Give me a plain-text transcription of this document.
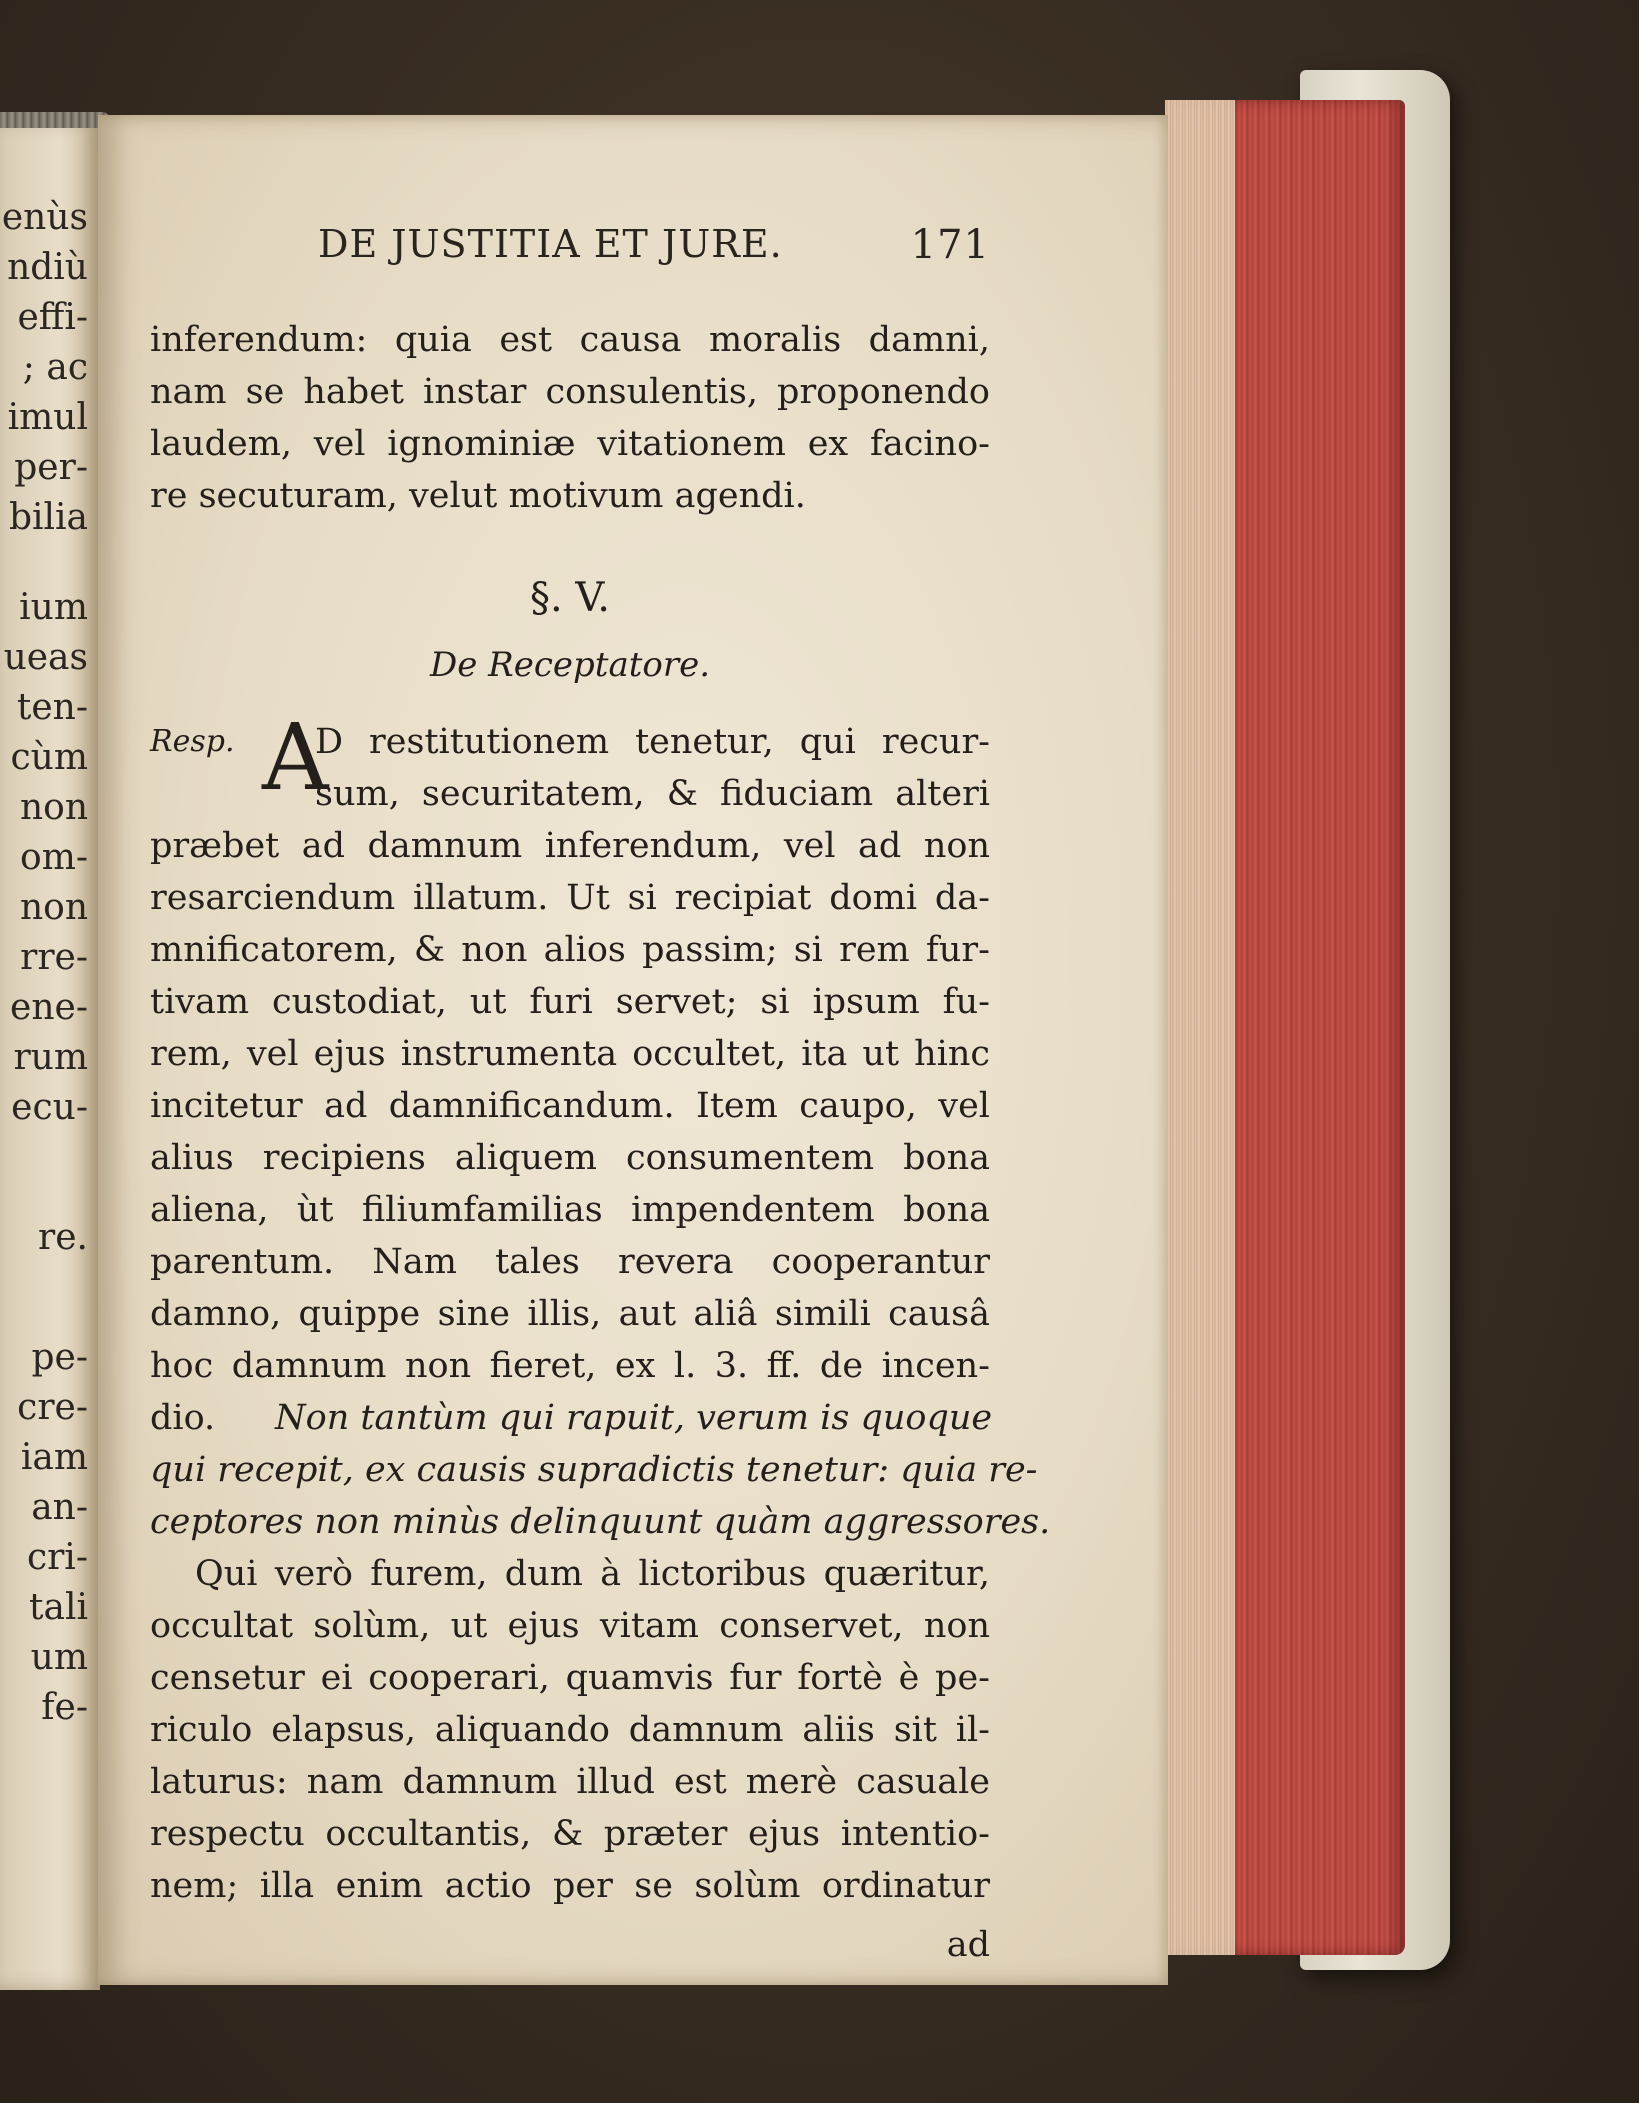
enùs
ndiù
effi-
; ac
imul
per-
bilia
ium
ueas
ten-
cùm
non
om-
non
rre-
ene-
rum
ecu-
re.
pe-
cre-
iam
an-
cri-
tali
um
fe-
DE JUSTITIA ET JURE.	171
inferendum: quia est causa moralis damni,
nam se habet instar consulentis, proponendo
laudem, vel ignominiæ vitationem ex facino-
re secuturam, velut motivum agendi.
§. V.
De Receptatore.
Resp. D restitutionem tenetur, qui recur-
sum, securitatem, & fiduciam alteri
præbet ad damnum inferendum, vel ad non
resarciendum illatum. Ut si recipiat domi da-
mnificatorem, & non alios passim; si rem fur-
tivam custodiat, ut furi servet; si ipsum fu-
rem, vel ejus instrumenta occultet, ita ut hinc
incitetur ad damnificandum. Item caupo, vel
alius recipiens aliquem consumentem bona
aliena, ùt filiumfamilias impendentem bona
parentum. Nam tales revera cooperantur
damno, quippe sine illis, aut aliâ simili causâ
hoc damnum non fieret, ex l. 3. ff. de incen-
dio. Non tantùm qui rapuit, verum is quoque
qui recepit, ex causis supradictis tenetur: quia re-
ceptores non minùs delinquunt quàm aggressores.
Qui verò furem, dum à lictoribus quæritur,
occultat solùm, ut ejus vitam conservet, non
censetur ei cooperari, quamvis fur fortè è pe-
riculo elapsus, aliquando damnum aliis sit il-
laturus: nam damnum illud est merè casuale
respectu occultantis, & præter ejus intentio-
nem; illa enim actio per se solùm ordinatur
ad
A
